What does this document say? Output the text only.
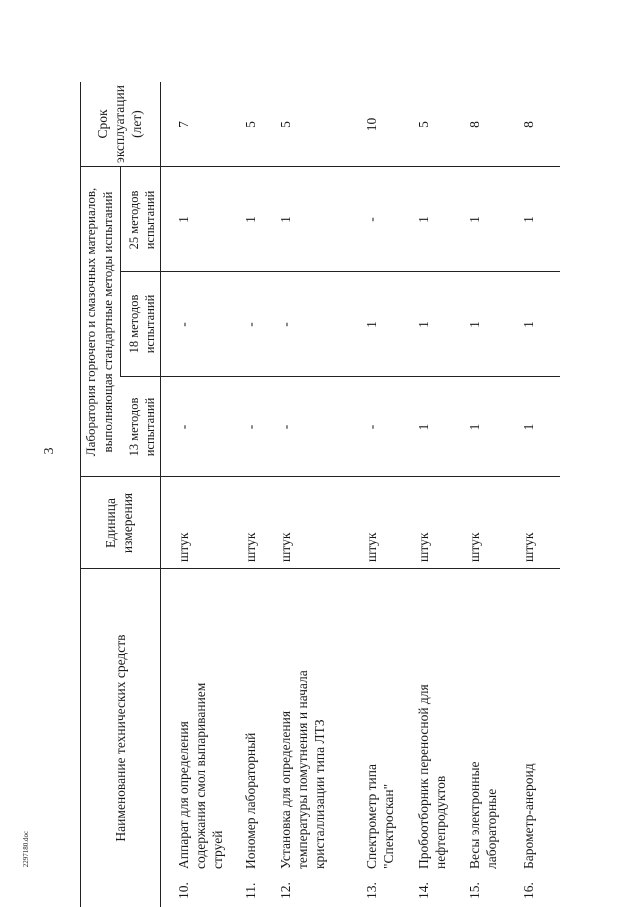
3
2297180.doc
Наименование технических средств
Единица измерения
Лаборатория горючего и смазочных материалов, выполняющая стандартные методы испытаний 13 методов испытаний
18 методов испытаний
25 методов испытаний
Срок эксплуатации (лет)
10.
Аппарат для определения содержания смол выпариванием струей
штук
-
-
1
7
11.
Иономер лабораторный
штук
-
-
1
5
12.
Установка для определения температуры помутнения и начала кристаллизации типа ЛТЗ
штук
-
-
1
5
13.
Спектрометр типа "Спектроскан"
штук
-
1
-
10
14.
Пробоотборник переносной для нефтепродуктов
штук
1
1
1
5
15.
Весы электронные лабораторные
штук
1
1
1
8
16.
Барометр-анероид
штук
1
1
1
8
